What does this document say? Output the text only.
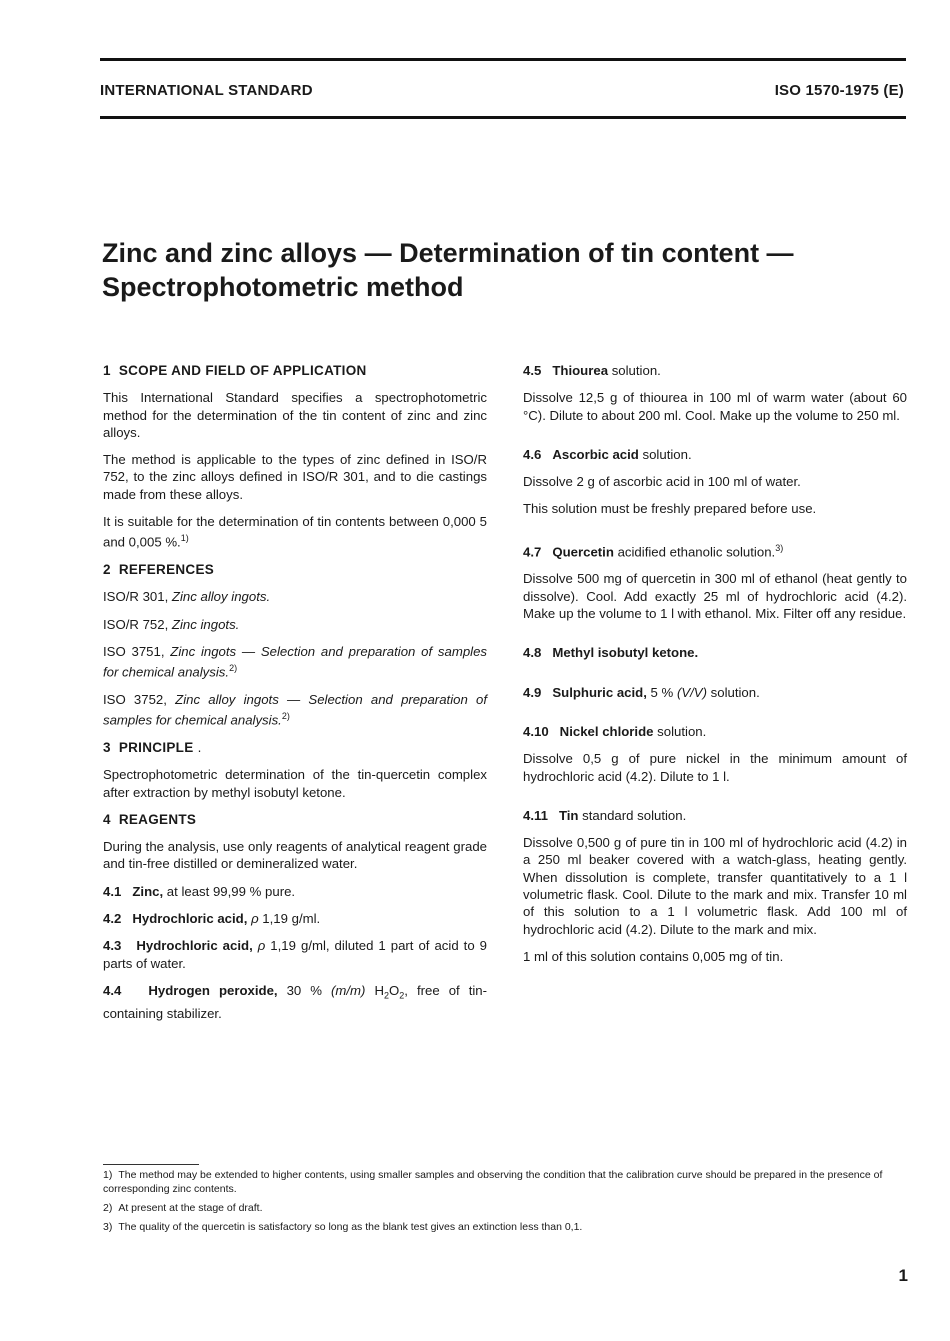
INTERNATIONAL STANDARD	ISO 1570-1975 (E)
Zinc and zinc alloys — Determination of tin content —
Spectrophotometric method
1 SCOPE AND FIELD OF APPLICATION

This International Standard specifies a spectrophotometric method for the determination of the tin content of zinc and zinc alloys.

The method is applicable to the types of zinc defined in ISO/R 752, to the zinc alloys defined in ISO/R 301, and to die castings made from these alloys.

It is suitable for the determination of tin contents between 0,000 5 and 0,005 %.$^{1)}$

2 REFERENCES

ISO/R 301, Zinc alloy ingots.

ISO/R 752, Zinc ingots.

ISO 3751, Zinc ingots — Selection and preparation of samples for chemical analysis.$^{2)}$

ISO 3752, Zinc alloy ingots — Selection and preparation of samples for chemical analysis.$^{2)}$

3 PRINCIPLE .

Spectrophotometric determination of the tin-quercetin complex after extraction by methyl isobutyl ketone.

4 REAGENTS

During the analysis, use only reagents of analytical reagent grade and tin-free distilled or demineralized water.

4.1 Zinc, at least 99,99 % pure.

4.2 Hydrochloric acid, ρ 1,19 g/ml.

4.3 Hydrochloric acid, ρ 1,19 g/ml, diluted 1 part of acid to 9 parts of water.

4.4 Hydrogen peroxide, 30 % (m/m) $H_2O_2$, free of tin-containing stabilizer.

4.5 Thiourea solution.

Dissolve 12,5 g of thiourea in 100 ml of warm water (about 60 °C). Dilute to about 200 ml. Cool. Make up the volume to 250 ml.

4.6 Ascorbic acid solution.

Dissolve 2 g of ascorbic acid in 100 ml of water.

This solution must be freshly prepared before use.

4.7 Quercetin acidified ethanolic solution.$^{3)}$

Dissolve 500 mg of quercetin in 300 ml of ethanol (heat gently to dissolve). Cool. Add exactly 25 ml of hydrochloric acid (4.2). Make up the volume to 1 l with ethanol. Mix. Filter off any residue.

4.8 Methyl isobutyl ketone.

4.9 Sulphuric acid, 5 % (V/V) solution.

4.10 Nickel chloride solution.

Dissolve 0,5 g of pure nickel in the minimum amount of hydrochloric acid (4.2). Dilute to 1 l.

4.11 Tin standard solution.

Dissolve 0,500 g of pure tin in 100 ml of hydrochloric acid (4.2) in a 250 ml beaker covered with a watch-glass, heating gently. When dissolution is complete, transfer quantitatively to a 1 l volumetric flask. Cool. Dilute to the mark and mix. Transfer 10 ml of this solution to a 1 l volumetric flask. Add 100 ml of hydrochloric acid (4.2). Dilute to the mark and mix.

1 ml of this solution contains 0,005 mg of tin.

1) The method may be extended to higher contents, using smaller samples and observing the condition that the calibration curve should be prepared in the presence of corresponding zinc contents.
2) At present at the stage of draft.
3) The quality of the quercetin is satisfactory so long as the blank test gives an extinction less than 0,1.
1
